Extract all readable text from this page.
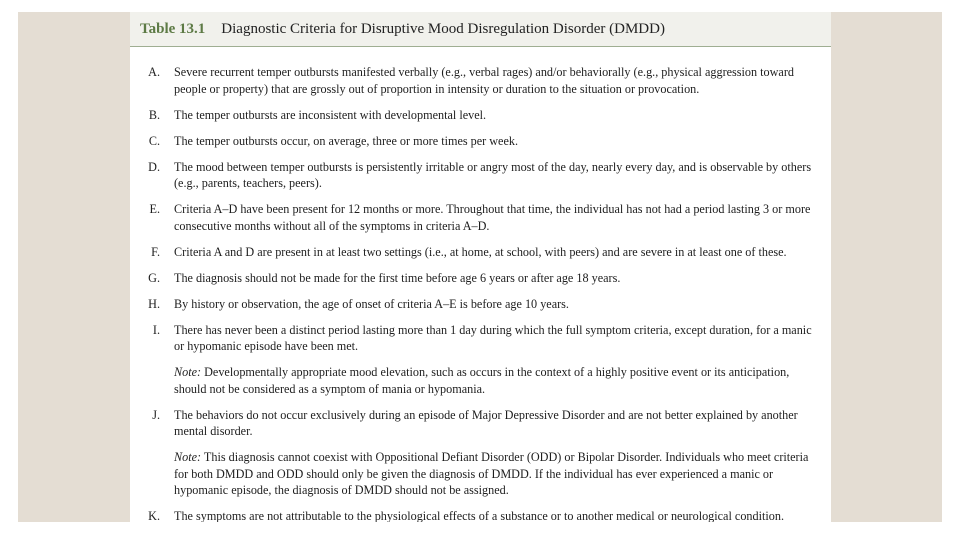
Table 13.1 Diagnostic Criteria for Disruptive Mood Disregulation Disorder (DMDD)
A.	Severe recurrent temper outbursts manifested verbally (e.g., verbal rages) and/or behaviorally (e.g., physical aggression toward people or property) that are grossly out of proportion in intensity or duration to the situation or provocation.
B.	The temper outbursts are inconsistent with developmental level.
C.	The temper outbursts occur, on average, three or more times per week.
D.	The mood between temper outbursts is persistently irritable or angry most of the day, nearly every day, and is observable by others (e.g., parents, teachers, peers).
E.	Criteria A–D have been present for 12 months or more. Throughout that time, the individual has not had a period lasting 3 or more consecutive months without all of the symptoms in criteria A–D.
F.	Criteria A and D are present in at least two settings (i.e., at home, at school, with peers) and are severe in at least one of these.
G.	The diagnosis should not be made for the first time before age 6 years or after age 18 years.
H.	By history or observation, the age of onset of criteria A–E is before age 10 years.
I.	There has never been a distinct period lasting more than 1 day during which the full symptom criteria, except duration, for a manic or hypomanic episode have been met.
Note: Developmentally appropriate mood elevation, such as occurs in the context of a highly positive event or its anticipation, should not be considered as a symptom of mania or hypomania.
J.	The behaviors do not occur exclusively during an episode of Major Depressive Disorder and are not better explained by another mental disorder.
Note: This diagnosis cannot coexist with Oppositional Defiant Disorder (ODD) or Bipolar Disorder. Individuals who meet criteria for both DMDD and ODD should only be given the diagnosis of DMDD. If the individual has ever experienced a manic or hypomanic episode, the diagnosis of DMDD should not be assigned.
K.	The symptoms are not attributable to the physiological effects of a substance or to another medical or neurological condition.
